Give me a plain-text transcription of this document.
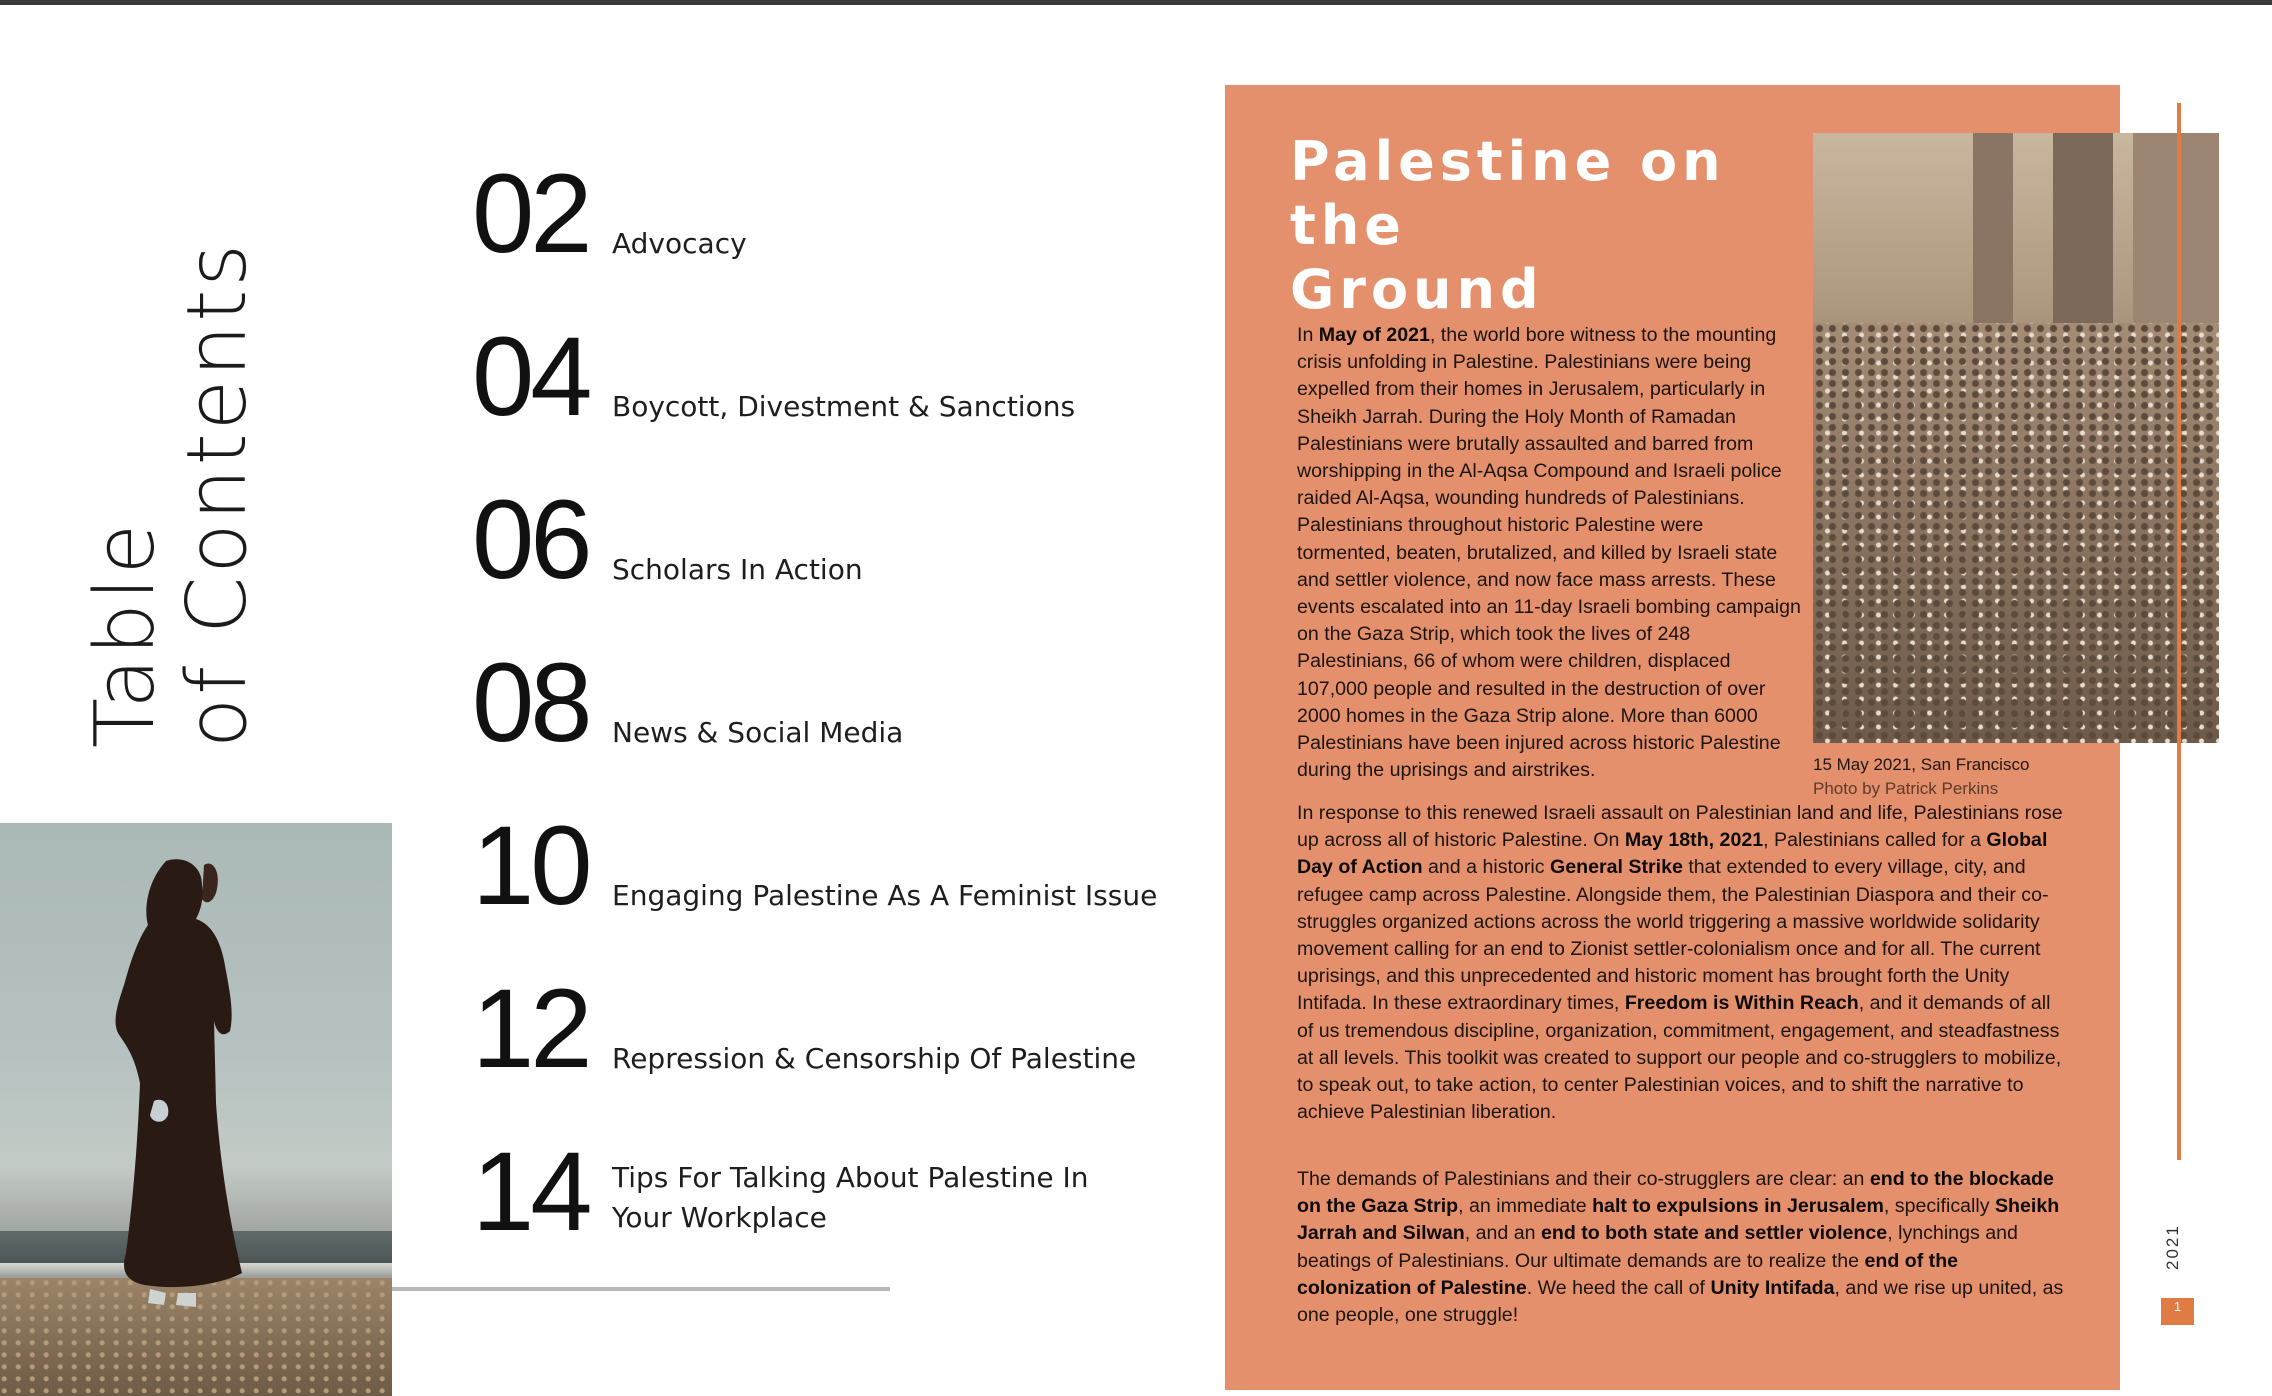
Table
of Contents
02 Advocacy
04 Boycott, Divestment & Sanctions
06 Scholars In Action
08 News & Social Media
10 Engaging Palestine As A Feminist Issue
12 Repression & Censorship Of Palestine
14 Tips For Talking About Palestine In
Your Workplace
Palestine on the
Ground
15 May 2021, San Francisco
Photo by Patrick Perkins
In May of 2021, the world bore witness to the mounting crisis unfolding in Palestine. Palestinians were being expelled from their homes in Jerusalem, particularly in Sheikh Jarrah. During the Holy Month of Ramadan Palestinians were brutally assaulted and barred from worshipping in the Al-Aqsa Compound and Israeli police raided Al-Aqsa, wounding hundreds of Palestinians. Palestinians throughout historic Palestine were tormented, beaten, brutalized, and killed by Israeli state and settler violence, and now face mass arrests. These events escalated into an 11-day Israeli bombing campaign on the Gaza Strip, which took the lives of 248 Palestinians, 66 of whom were children, displaced 107,000 people and resulted in the destruction of over 2000 homes in the Gaza Strip alone. More than 6000 Palestinians have been injured across historic Palestine during the uprisings and airstrikes.
In response to this renewed Israeli assault on Palestinian land and life, Palestinians rose up across all of historic Palestine. On May 18th, 2021, Palestinians called for a Global Day of Action and a historic General Strike that extended to every village, city, and refugee camp across Palestine. Alongside them, the Palestinian Diaspora and their co-struggles organized actions across the world triggering a massive worldwide solidarity movement calling for an end to Zionist settler-colonialism once and for all. The current uprisings, and this unprecedented and historic moment has brought forth the Unity Intifada. In these extraordinary times, Freedom is Within Reach, and it demands of all of us tremendous discipline, organization, commitment, engagement, and steadfastness at all levels. This toolkit was created to support our people and co-strugglers to mobilize, to speak out, to take action, to center Palestinian voices, and to shift the narrative to achieve Palestinian liberation.
The demands of Palestinians and their co-strugglers are clear: an end to the blockade on the Gaza Strip, an immediate halt to expulsions in Jerusalem, specifically Sheikh Jarrah and Silwan, and an end to both state and settler violence, lynchings and beatings of Palestinians. Our ultimate demands are to realize the end of the colonization of Palestine. We heed the call of Unity Intifada, and we rise up united, as one people, one struggle!
2021
1
